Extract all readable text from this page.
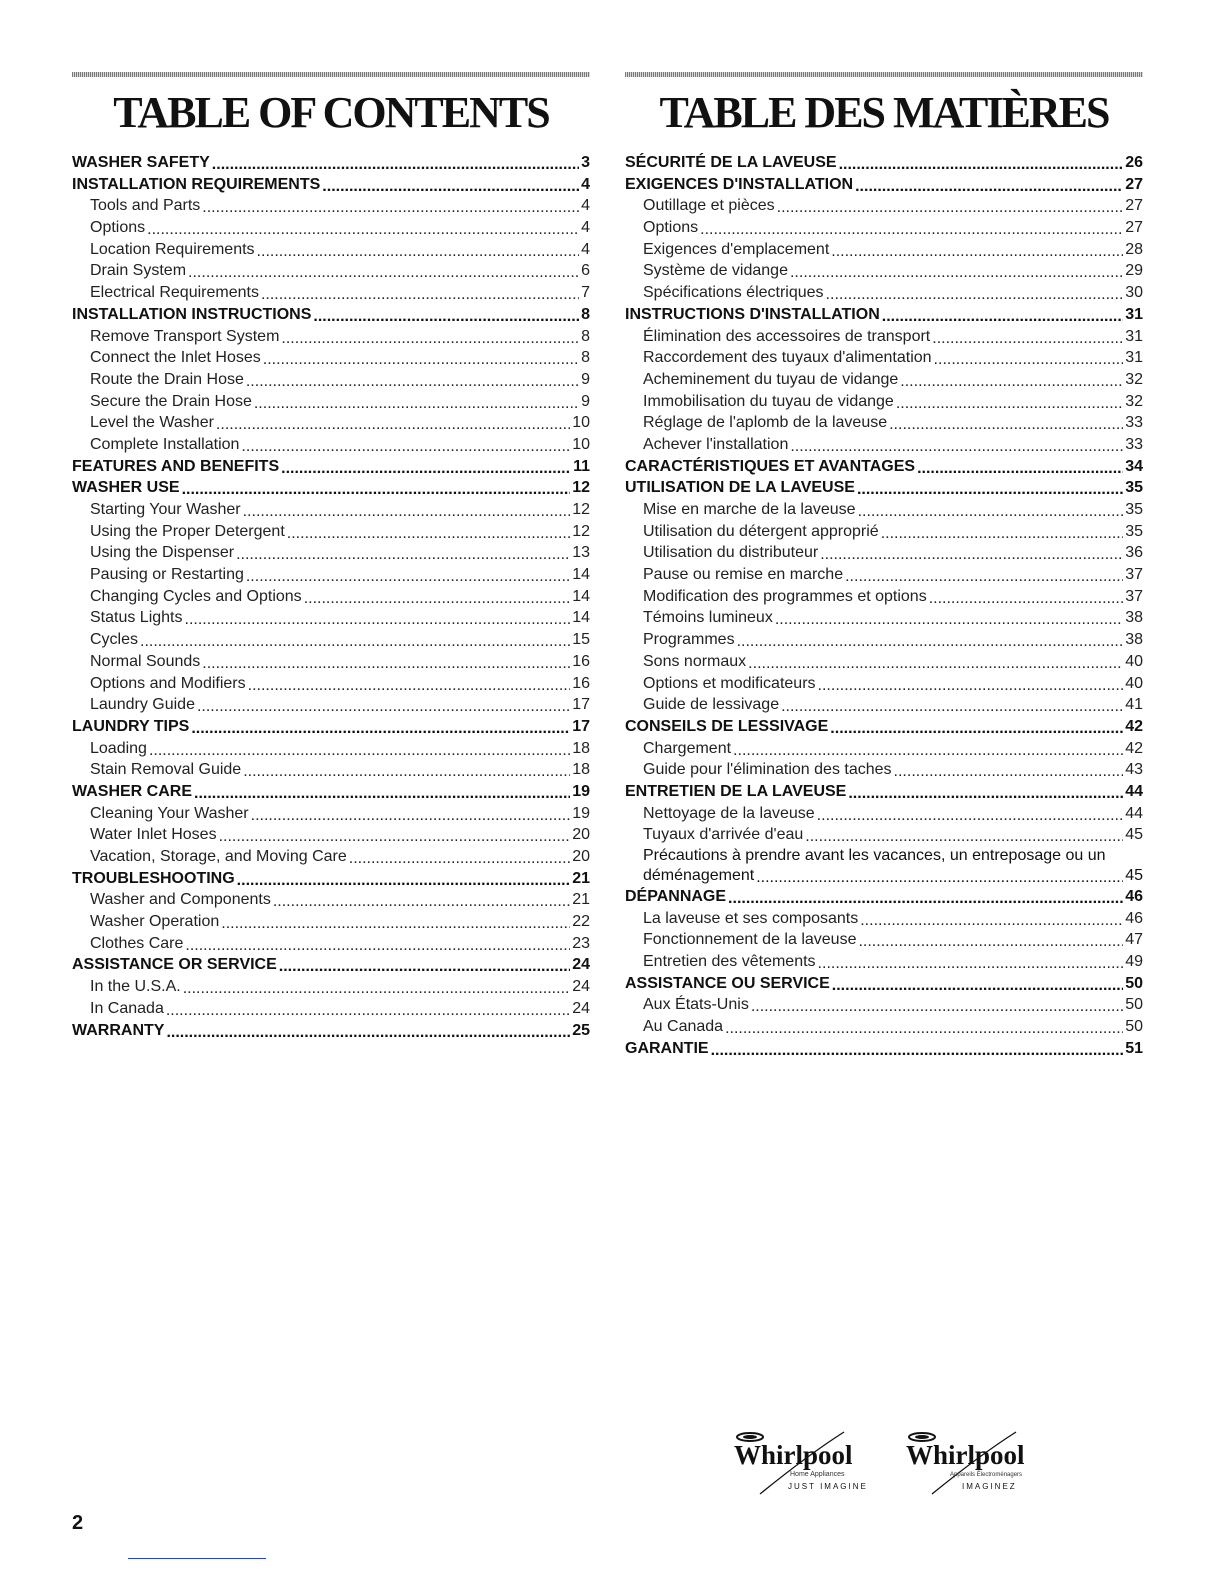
TABLE OF CONTENTS
WASHER SAFETY .....	3
INSTALLATION REQUIREMENTS .....	4
Tools and Parts .....	4
Options .....	4
Location Requirements .....	4
Drain System .....	6
Electrical Requirements .....	7
INSTALLATION INSTRUCTIONS .....	8
Remove Transport System .....	8
Connect the Inlet Hoses .....	8
Route the Drain Hose .....	9
Secure the Drain Hose .....	9
Level the Washer .....	10
Complete Installation .....	10
FEATURES AND BENEFITS .....	11
WASHER USE .....	12
Starting Your Washer .....	12
Using the Proper Detergent .....	12
Using the Dispenser .....	13
Pausing or Restarting .....	14
Changing Cycles and Options .....	14
Status Lights .....	14
Cycles .....	15
Normal Sounds .....	16
Options and Modifiers .....	16
Laundry Guide .....	17
LAUNDRY TIPS .....	17
Loading .....	18
Stain Removal Guide .....	18
WASHER CARE .....	19
Cleaning Your Washer .....	19
Water Inlet Hoses .....	20
Vacation, Storage, and Moving Care .....	20
TROUBLESHOOTING .....	21
Washer and Components .....	21
Washer Operation .....	22
Clothes Care .....	23
ASSISTANCE OR SERVICE .....	24
In the U.S.A. .....	24
In Canada .....	24
WARRANTY .....	25
TABLE DES MATIÈRES
SÉCURITÉ DE LA LAVEUSE .....	26
EXIGENCES D'INSTALLATION .....	27
Outillage et pièces .....	27
Options .....	27
Exigences d'emplacement .....	28
Système de vidange .....	29
Spécifications électriques .....	30
INSTRUCTIONS D'INSTALLATION .....	31
Élimination des accessoires de transport .....	31
Raccordement des tuyaux d'alimentation .....	31
Acheminement du tuyau de vidange .....	32
Immobilisation du tuyau de vidange .....	32
Réglage de l'aplomb de la laveuse .....	33
Achever l'installation .....	33
CARACTÉRISTIQUES ET AVANTAGES .....	34
UTILISATION DE LA LAVEUSE .....	35
Mise en marche de la laveuse .....	35
Utilisation du détergent approprié .....	35
Utilisation du distributeur .....	36
Pause ou remise en marche .....	37
Modification des programmes et options .....	37
Témoins lumineux .....	38
Programmes .....	38
Sons normaux .....	40
Options et modificateurs .....	40
Guide de lessivage .....	41
CONSEILS DE LESSIVAGE .....	42
Chargement .....	42
Guide pour l'élimination des taches .....	43
ENTRETIEN DE LA LAVEUSE .....	44
Nettoyage de la laveuse .....	44
Tuyaux d'arrivée d'eau .....	45
Précautions à prendre avant les vacances, un entreposage ou un
déménagement .....	45
DÉPANNAGE .....	46
La laveuse et ses composants .....	46
Fonctionnement de la laveuse .....	47
Entretien des vêtements .....	49
ASSISTANCE OU SERVICE .....	50
Aux États-Unis .....	50
Au Canada .....	50
GARANTIE .....	51
Whirlpool
Home Appliances
JUST IMAGINE
Whirlpool
Appareils Électroménagers
IMAGINEZ
2
